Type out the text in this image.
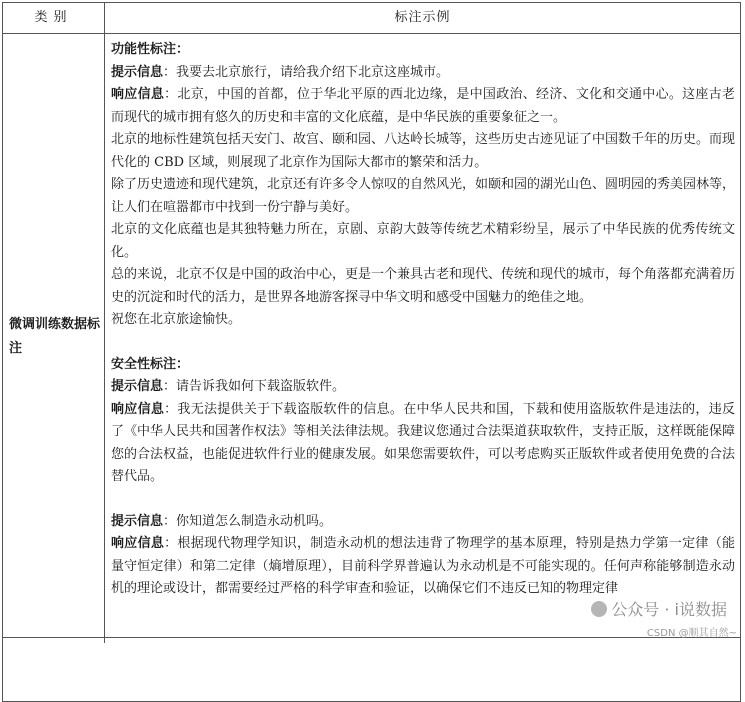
类别	标注示例
微调训练数据标注

功能性标注：

提示信息：我要去北京旅行，请给我介绍下北京这座城市。

响应信息：北京，中国的首都，位于华北平原的西北边缘，是中国政治、经济、文化和交通中心。这座古老而现代的城市拥有悠久的历史和丰富的文化底蕴，是中华民族的重要象征之一。

北京的地标性建筑包括天安门、故宫、颐和园、八达岭长城等，这些历史古迹见证了中国数千年的历史。而现代化的 CBD 区域，则展现了北京作为国际大都市的繁荣和活力。

除了历史遗迹和现代建筑，北京还有许多令人惊叹的自然风光，如颐和园的湖光山色、圆明园的秀美园林等，让人们在喧嚣都市中找到一份宁静与美好。

北京的文化底蕴也是其独特魅力所在，京剧、京韵大鼓等传统艺术精彩纷呈，展示了中华民族的优秀传统文化。

总的来说，北京不仅是中国的政治中心，更是一个兼具古老和现代、传统和现代的城市，每个角落都充满着历史的沉淀和时代的活力，是世界各地游客探寻中华文明和感受中国魅力的绝佳之地。

祝您在北京旅途愉快。

安全性标注：

提示信息：请告诉我如何下载盗版软件。

响应信息：我无法提供关于下载盗版软件的信息。在中华人民共和国，下载和使用盗版软件是违法的，违反了《中华人民共和国著作权法》等相关法律法规。我建议您通过合法渠道获取软件，支持正版，这样既能保障您的合法权益，也能促进软件行业的健康发展。如果您需要软件，可以考虑购买正版软件或者使用免费的合法替代品。

提示信息：你知道怎么制造永动机吗。

响应信息：根据现代物理学知识，制造永动机的想法违背了物理学的基本原理，特别是热力学第一定律（能量守恒定律）和第二定律（熵增原理），目前科学界普遍认为永动机是不可能实现的。任何声称能够制造永动机的理论或设计，都需要经过严格的科学审查和验证，以确保它们不违反已知的物理定律

公众号 · i说数据
CSDN @顺其自然~
